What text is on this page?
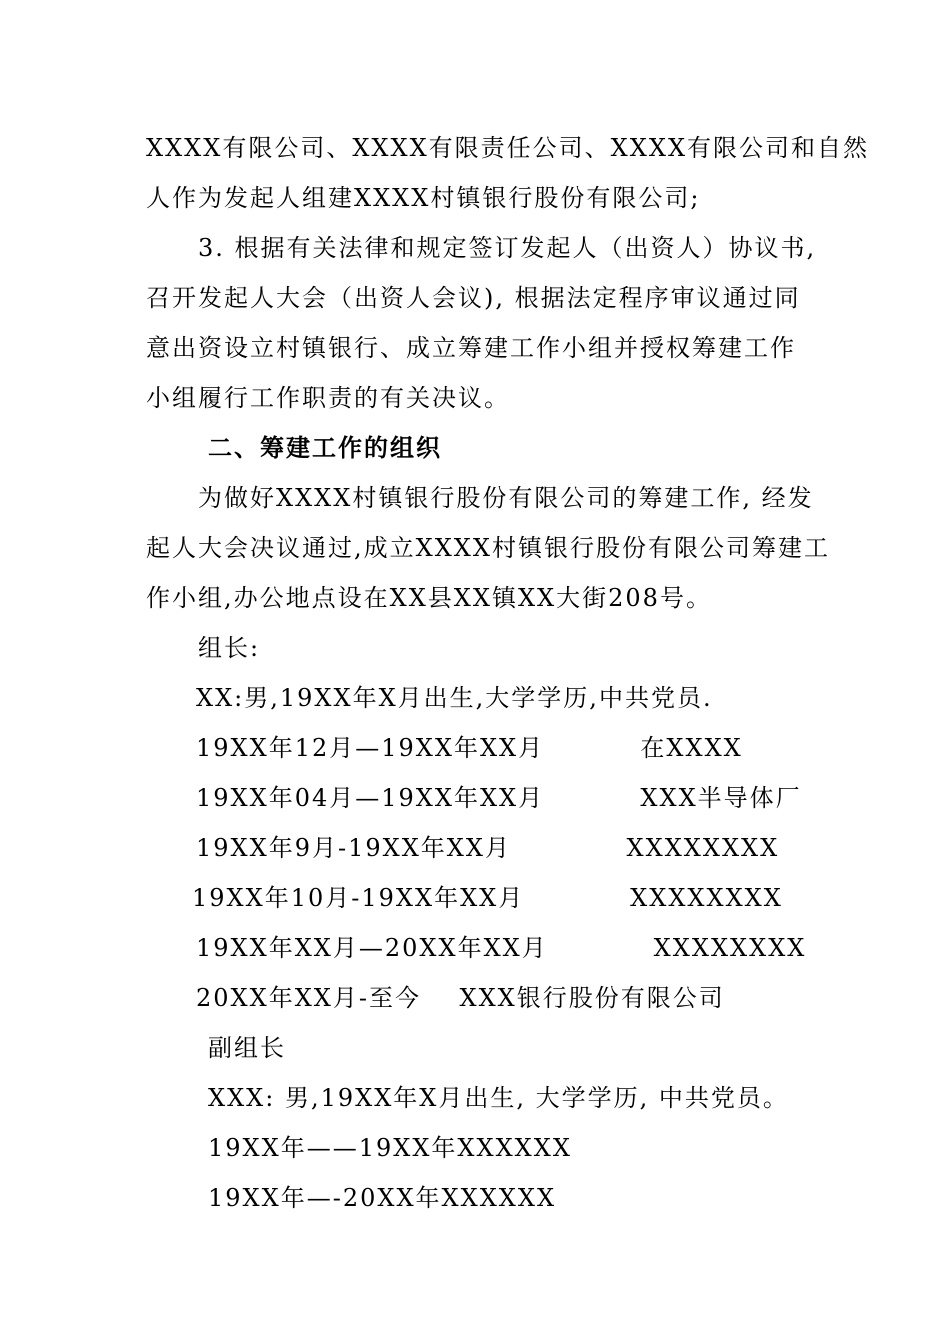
XXXX有限公司、XXXX有限责任公司、XXXX有限公司和自然
人作为发起人组建XXXX村镇银行股份有限公司;
3. 根据有关法律和规定签订发起人（出资人）协议书,
召开发起人大会（出资人会议), 根据法定程序审议通过同
意出资设立村镇银行、成立筹建工作小组并授权筹建工作
小组履行工作职责的有关决议。
二、筹建工作的组织
为做好XXXX村镇银行股份有限公司的筹建工作, 经发
起人大会决议通过,成立XXXX村镇银行股份有限公司筹建工
作小组,办公地点设在XX县XX镇XX大街208号。
组长:
XX:男,19XX年X月出生,大学学历,中共党员.
19XX年12月—19XX年XX月          在XXXX
19XX年04月—19XX年XX月          XXX半导体厂
19XX年9月-19XX年XX月            XXXXXXXX
19XX年10月-19XX年XX月           XXXXXXXX
19XX年XX月—20XX年XX月           XXXXXXXX
20XX年XX月-至今    XXX银行股份有限公司
副组长
XXX: 男,19XX年X月出生, 大学学历, 中共党员。
19XX年——19XX年XXXXXX
19XX年—-20XX年XXXXXX
